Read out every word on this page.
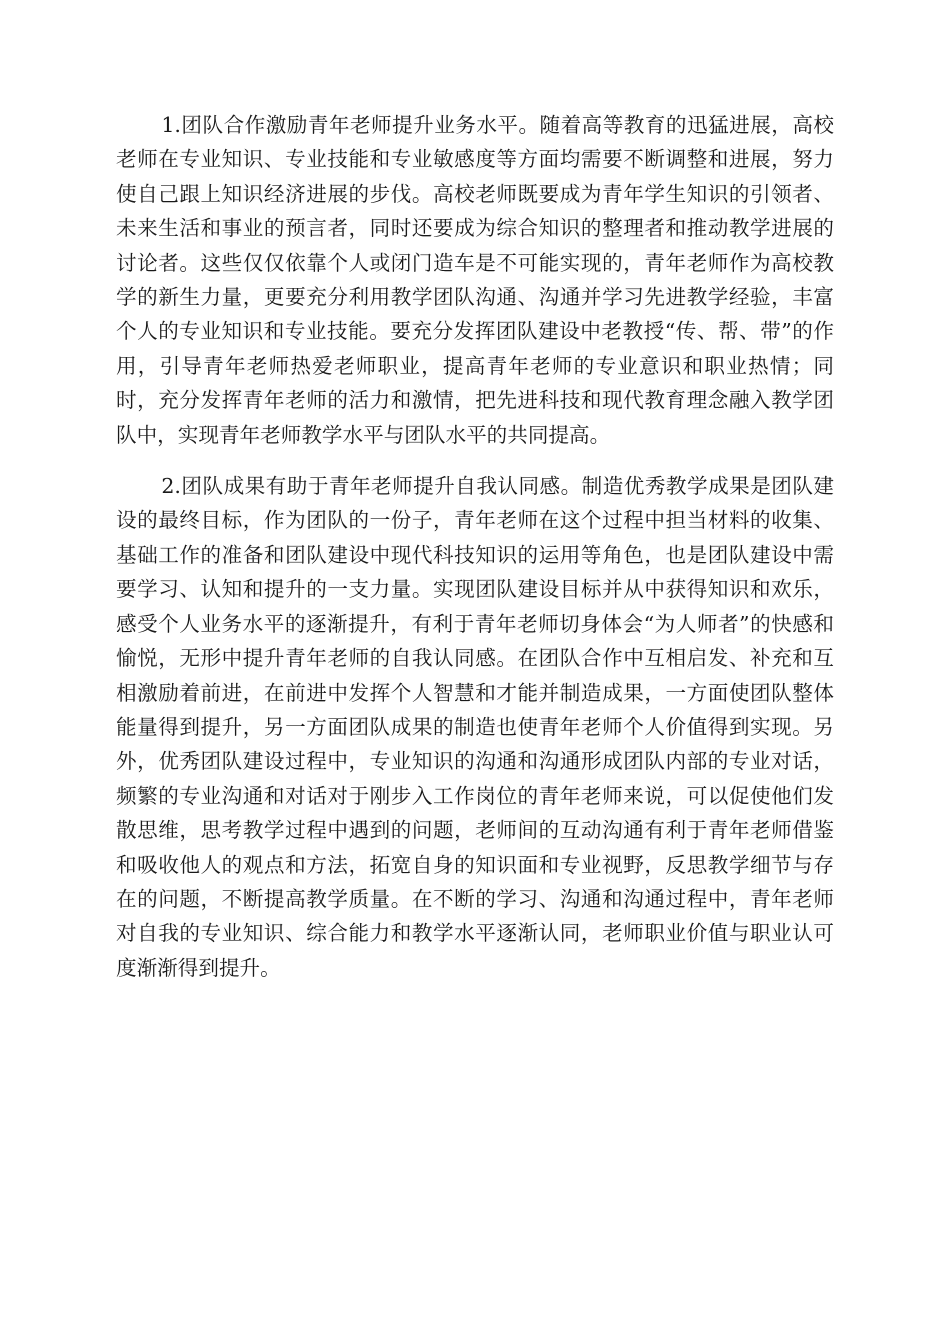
1.团队合作激励青年老师提升业务水平。随着高等教育的迅猛进展，高校老师在专业知识、专业技能和专业敏感度等方面均需要不断调整和进展，努力使自己跟上知识经济进展的步伐。高校老师既要成为青年学生知识的引领者、未来生活和事业的预言者，同时还要成为综合知识的整理者和推动教学进展的讨论者。这些仅仅依靠个人或闭门造车是不可能实现的，青年老师作为高校教学的新生力量，更要充分利用教学团队沟通、沟通并学习先进教学经验，丰富个人的专业知识和专业技能。要充分发挥团队建设中老教授“传、帮、带”的作用，引导青年老师热爱老师职业，提高青年老师的专业意识和职业热情；同时，充分发挥青年老师的活力和激情，把先进科技和现代教育理念融入教学团队中，实现青年老师教学水平与团队水平的共同提高。

2.团队成果有助于青年老师提升自我认同感。制造优秀教学成果是团队建设的最终目标，作为团队的一份子，青年老师在这个过程中担当材料的收集、基础工作的准备和团队建设中现代科技知识的运用等角色，也是团队建设中需要学习、认知和提升的一支力量。实现团队建设目标并从中获得知识和欢乐，感受个人业务水平的逐渐提升，有利于青年老师切身体会“为人师者”的快感和愉悦，无形中提升青年老师的自我认同感。在团队合作中互相启发、补充和互相激励着前进，在前进中发挥个人智慧和才能并制造成果，一方面使团队整体能量得到提升，另一方面团队成果的制造也使青年老师个人价值得到实现。另外，优秀团队建设过程中，专业知识的沟通和沟通形成团队内部的专业对话，频繁的专业沟通和对话对于刚步入工作岗位的青年老师来说，可以促使他们发散思维，思考教学过程中遇到的问题，老师间的互动沟通有利于青年老师借鉴和吸收他人的观点和方法，拓宽自身的知识面和专业视野，反思教学细节与存在的问题，不断提高教学质量。在不断的学习、沟通和沟通过程中，青年老师对自我的专业知识、综合能力和教学水平逐渐认同，老师职业价值与职业认可度渐渐得到提升。
